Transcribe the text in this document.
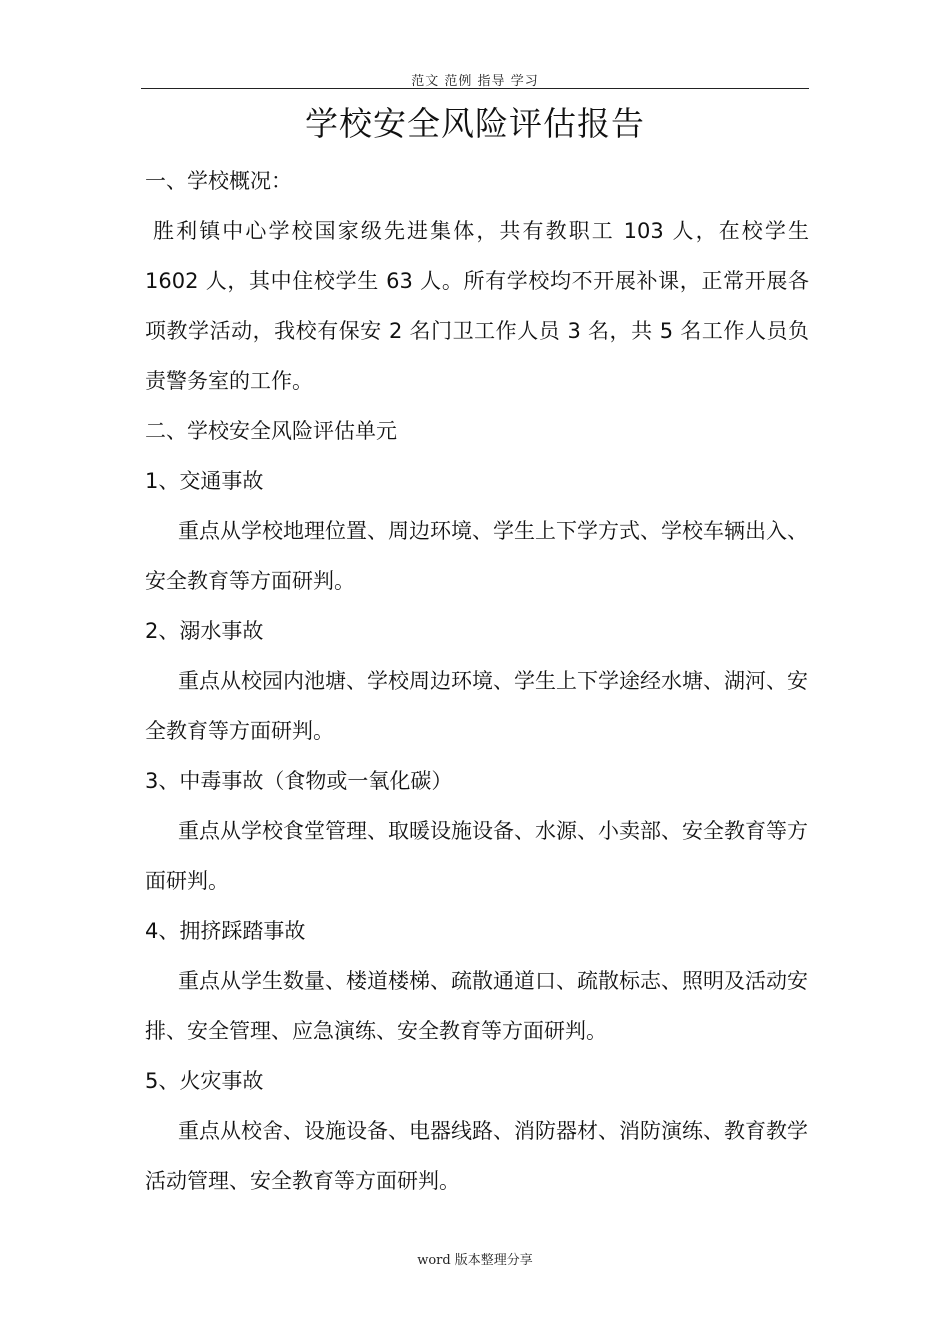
范文 范例 指导 学习
学校安全风险评估报告

一、学校概况：

胜利镇中心学校国家级先进集体，共有教职工 103 人，在校学生 1602 人，其中住校学生 63 人。所有学校均不开展补课，正常开展各项教学活动，我校有保安 2 名门卫工作人员 3 名，共 5 名工作人员负责警务室的工作。

二、学校安全风险评估单元

1、交通事故

重点从学校地理位置、周边环境、学生上下学方式、学校车辆出入、安全教育等方面研判。

2、溺水事故

重点从校园内池塘、学校周边环境、学生上下学途经水塘、湖河、安全教育等方面研判。

3、中毒事故（食物或一氧化碳）

重点从学校食堂管理、取暖设施设备、水源、小卖部、安全教育等方面研判。

4、拥挤踩踏事故

重点从学生数量、楼道楼梯、疏散通道口、疏散标志、照明及活动安排、安全管理、应急演练、安全教育等方面研判。

5、火灾事故

重点从校舍、设施设备、电器线路、消防器材、消防演练、教育教学活动管理、安全教育等方面研判。

word 版本整理分享
